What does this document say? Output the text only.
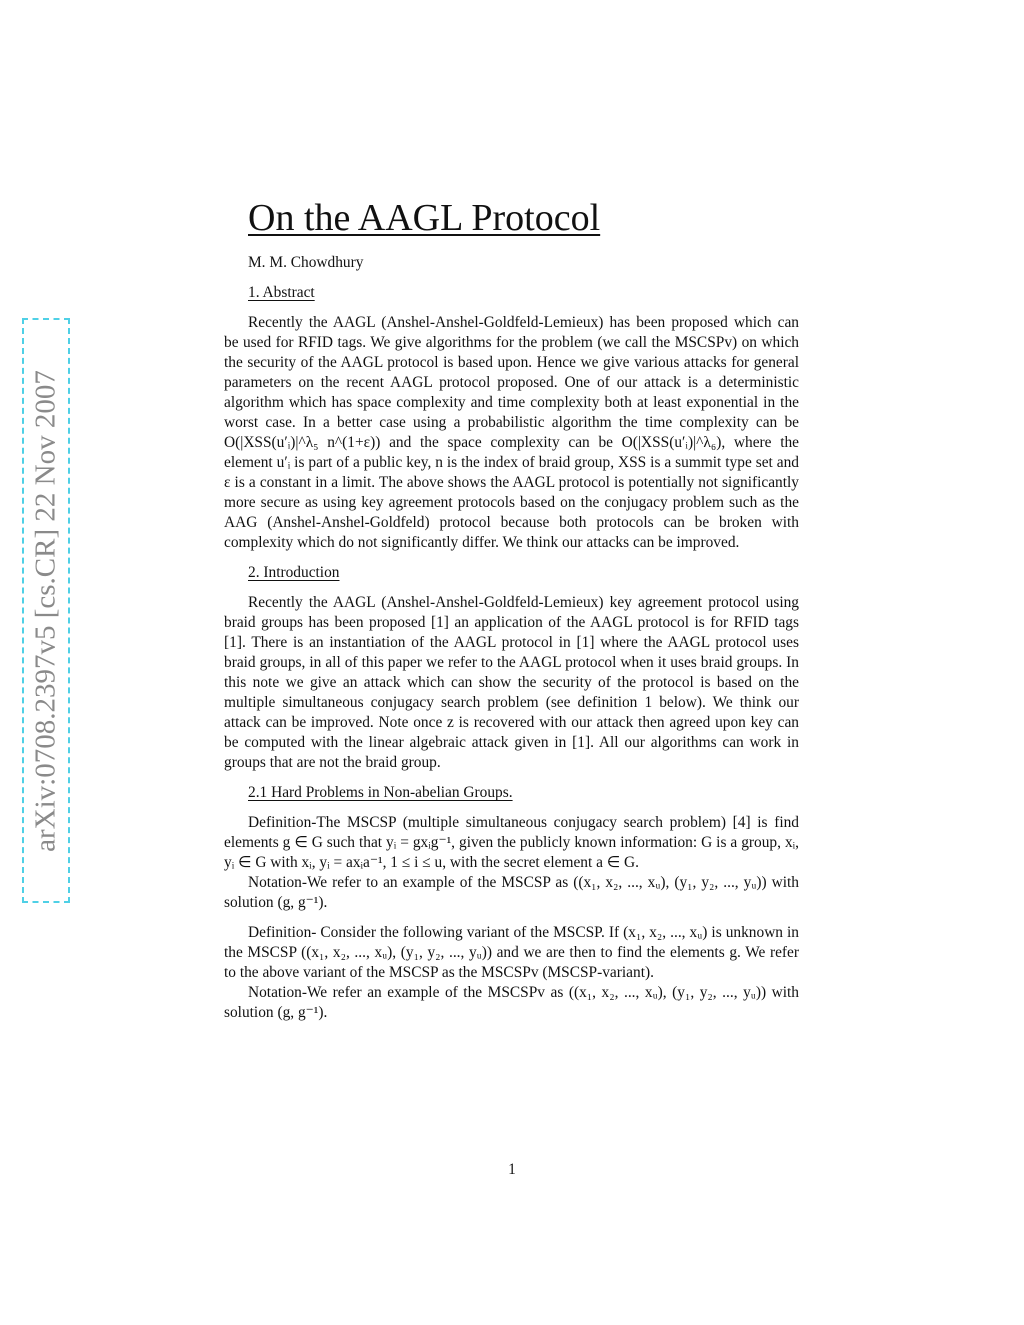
arXiv:0708.2397v5 [cs.CR] 22 Nov 2007
On the AAGL Protocol
M. M. Chowdhury
1. Abstract

Recently the AAGL (Anshel-Anshel-Goldfeld-Lemieux) has been proposed which can be used for RFID tags. We give algorithms for the problem (we call the MSCSPv) on which the security of the AAGL protocol is based upon. Hence we give various attacks for general parameters on the recent AAGL protocol proposed. One of our attack is a deterministic algorithm which has space complexity and time complexity both at least exponential in the worst case. In a better case using a probabilistic algorithm the time complexity can be O(|XSS(u′ᵢ)|^λ₅ n^(1+ε)) and the space complexity can be O(|XSS(u′ᵢ)|^λ₆), where the element u′ᵢ is part of a public key, n is the index of braid group, XSS is a summit type set and ε is a constant in a limit. The above shows the AAGL protocol is potentially not significantly more secure as using key agreement protocols based on the conjugacy problem such as the AAG (Anshel-Anshel-Goldfeld) protocol because both protocols can be broken with complexity which do not significantly differ. We think our attacks can be improved.

2. Introduction

Recently the AAGL (Anshel-Anshel-Goldfeld-Lemieux) key agreement protocol using braid groups has been proposed [1] an application of the AAGL protocol is for RFID tags [1]. There is an instantiation of the AAGL protocol in [1] where the AAGL protocol uses braid groups, in all of this paper we refer to the AAGL protocol when it uses braid groups. In this note we give an attack which can show the security of the protocol is based on the multiple simultaneous conjugacy search problem (see definition 1 below). We think our attack can be improved. Note once z is recovered with our attack then agreed upon key can be computed with the linear algebraic attack given in [1]. All our algorithms can work in groups that are not the braid group.

2.1 Hard Problems in Non-abelian Groups.

Definition-The MSCSP (multiple simultaneous conjugacy search problem) [4] is find elements g ∈ G such that yᵢ = gxᵢg⁻¹, given the publicly known information: G is a group, xᵢ, yᵢ ∈ G with xᵢ, yᵢ = axᵢa⁻¹, 1 ≤ i ≤ u, with the secret element a ∈ G.

Notation-We refer to an example of the MSCSP as ((x₁, x₂, ..., xᵤ), (y₁, y₂, ..., yᵤ)) with solution (g, g⁻¹).

Definition- Consider the following variant of the MSCSP. If (x₁, x₂, ..., xᵤ) is unknown in the MSCSP ((x₁, x₂, ..., xᵤ), (y₁, y₂, ..., yᵤ)) and we are then to find the elements g. We refer to the above variant of the MSCSP as the MSCSPv (MSCSP-variant).

Notation-We refer an example of the MSCSPv as ((x₁, x₂, ..., xᵤ), (y₁, y₂, ..., yᵤ)) with solution (g, g⁻¹).

1
